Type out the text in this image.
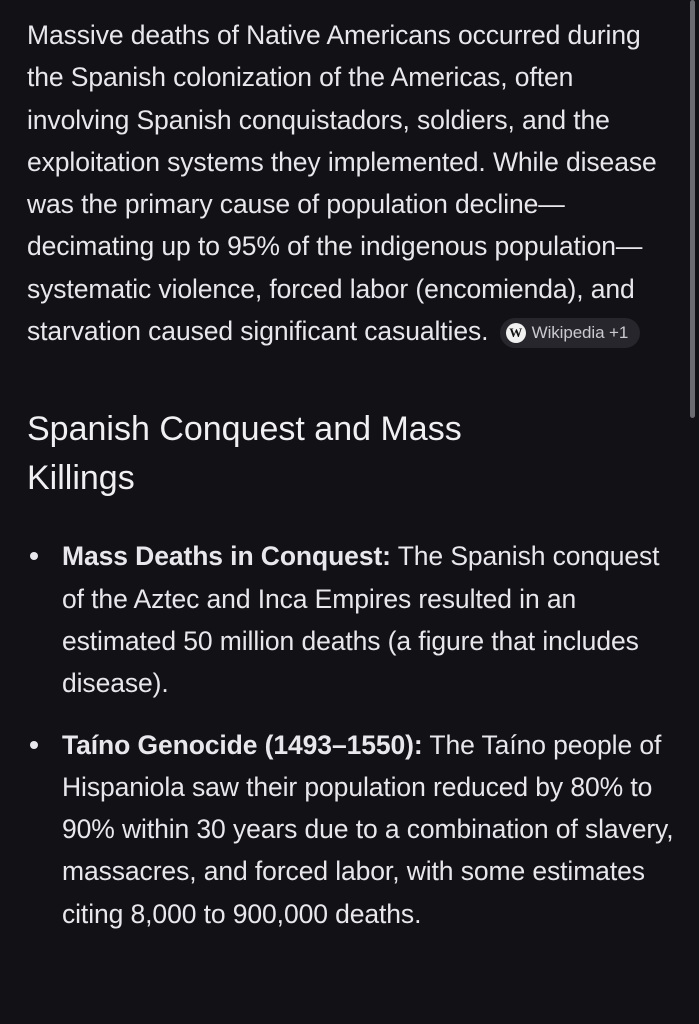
Massive deaths of Native Americans occurred during the Spanish colonization of the Americas, often involving Spanish conquistadors, soldiers, and the exploitation systems they implemented. While disease was the primary cause of population decline—decimating up to 95% of the indigenous population—systematic violence, forced labor (encomienda), and starvation caused significant casualties. W Wikipedia +1

Spanish Conquest and Mass Killings
Mass Deaths in Conquest: The Spanish conquest of the Aztec and Inca Empires resulted in an estimated 50 million deaths (a figure that includes disease).
Taíno Genocide (1493–1550): The Taíno people of Hispaniola saw their population reduced by 80% to 90% within 30 years due to a combination of slavery, massacres, and forced labor, with some estimates citing 8,000 to 900,000 deaths.
